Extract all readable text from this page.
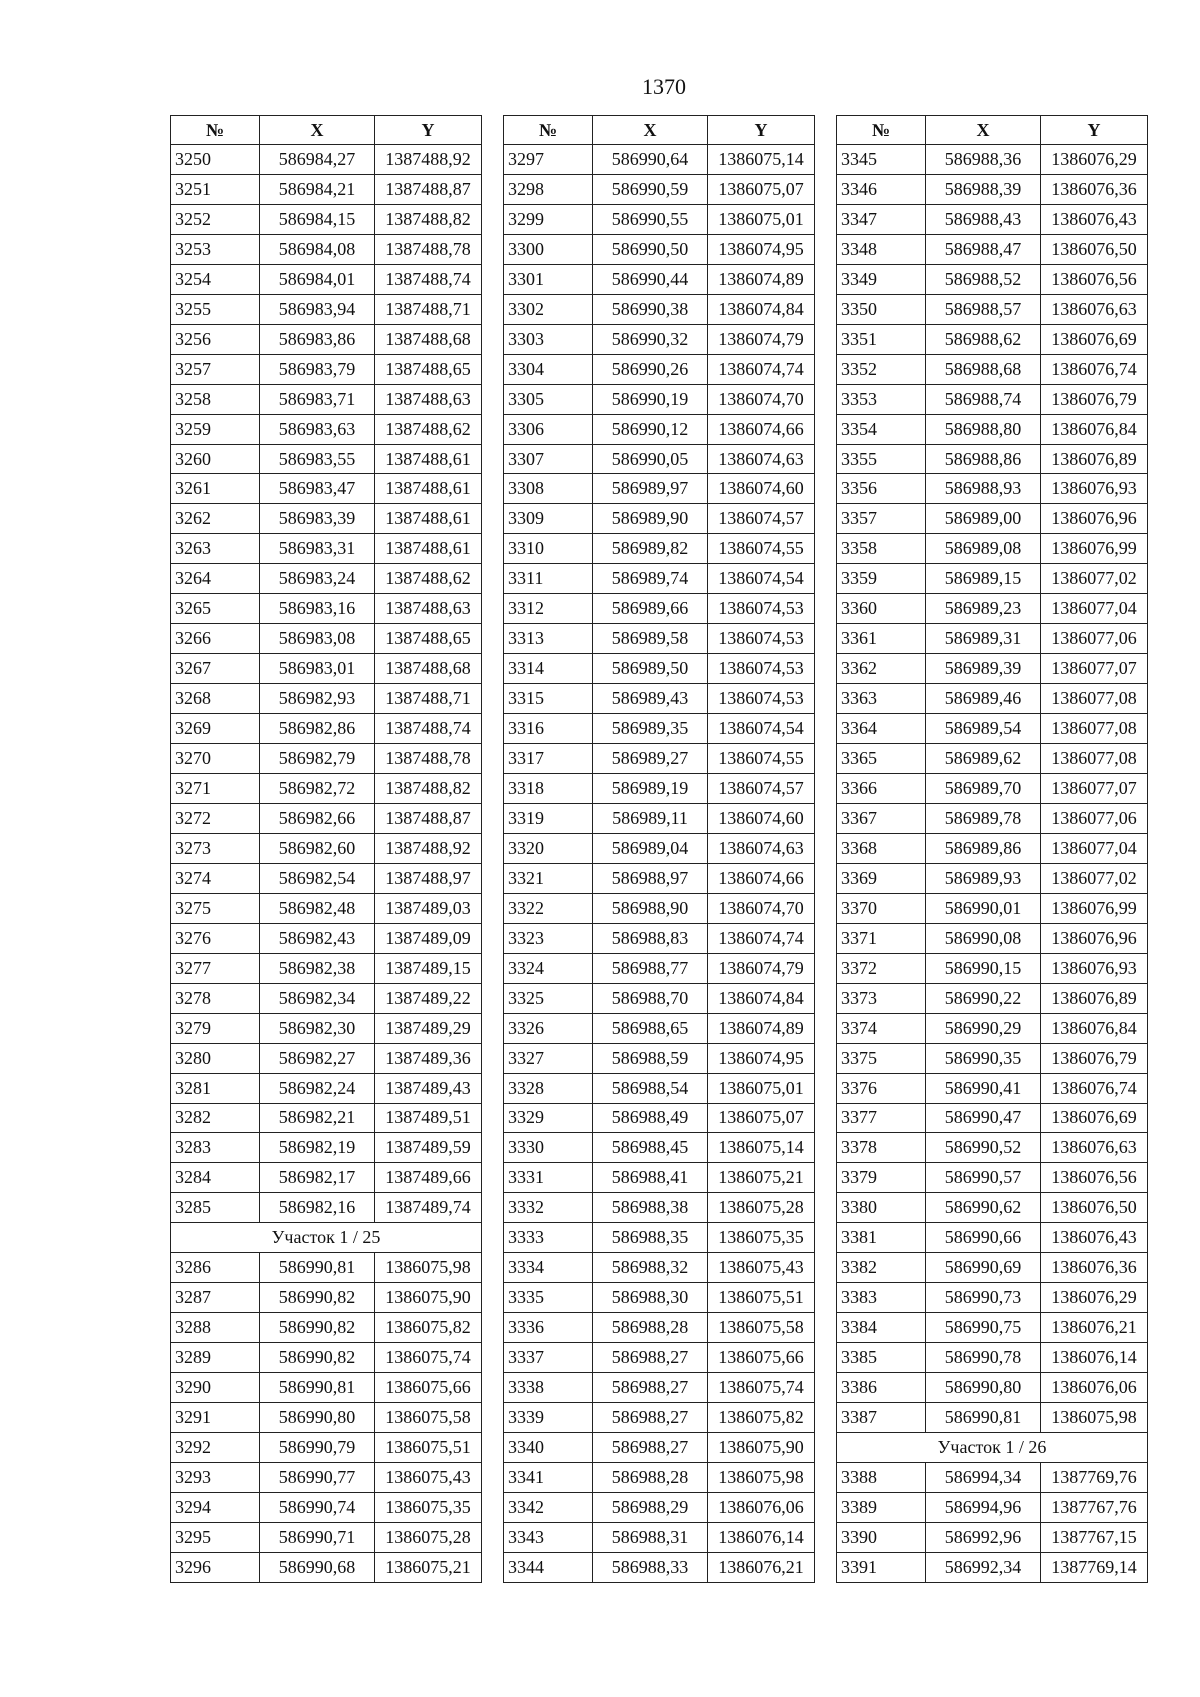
1370
№	X	Y
3250	586984,27	1387488,92
3251	586984,21	1387488,87
3252	586984,15	1387488,82
3253	586984,08	1387488,78
3254	586984,01	1387488,74
3255	586983,94	1387488,71
3256	586983,86	1387488,68
3257	586983,79	1387488,65
3258	586983,71	1387488,63
3259	586983,63	1387488,62
3260	586983,55	1387488,61
3261	586983,47	1387488,61
3262	586983,39	1387488,61
3263	586983,31	1387488,61
3264	586983,24	1387488,62
3265	586983,16	1387488,63
3266	586983,08	1387488,65
3267	586983,01	1387488,68
3268	586982,93	1387488,71
3269	586982,86	1387488,74
3270	586982,79	1387488,78
3271	586982,72	1387488,82
3272	586982,66	1387488,87
3273	586982,60	1387488,92
3274	586982,54	1387488,97
3275	586982,48	1387489,03
3276	586982,43	1387489,09
3277	586982,38	1387489,15
3278	586982,34	1387489,22
3279	586982,30	1387489,29
3280	586982,27	1387489,36
3281	586982,24	1387489,43
3282	586982,21	1387489,51
3283	586982,19	1387489,59
3284	586982,17	1387489,66
3285	586982,16	1387489,74
Участок 1 / 25		
3286	586990,81	1386075,98
3287	586990,82	1386075,90
3288	586990,82	1386075,82
3289	586990,82	1386075,74
3290	586990,81	1386075,66
3291	586990,80	1386075,58
3292	586990,79	1386075,51
3293	586990,77	1386075,43
3294	586990,74	1386075,35
3295	586990,71	1386075,28
3296	586990,68	1386075,21
№	X	Y
3297	586990,64	1386075,14
3298	586990,59	1386075,07
3299	586990,55	1386075,01
3300	586990,50	1386074,95
3301	586990,44	1386074,89
3302	586990,38	1386074,84
3303	586990,32	1386074,79
3304	586990,26	1386074,74
3305	586990,19	1386074,70
3306	586990,12	1386074,66
3307	586990,05	1386074,63
3308	586989,97	1386074,60
3309	586989,90	1386074,57
3310	586989,82	1386074,55
3311	586989,74	1386074,54
3312	586989,66	1386074,53
3313	586989,58	1386074,53
3314	586989,50	1386074,53
3315	586989,43	1386074,53
3316	586989,35	1386074,54
3317	586989,27	1386074,55
3318	586989,19	1386074,57
3319	586989,11	1386074,60
3320	586989,04	1386074,63
3321	586988,97	1386074,66
3322	586988,90	1386074,70
3323	586988,83	1386074,74
3324	586988,77	1386074,79
3325	586988,70	1386074,84
3326	586988,65	1386074,89
3327	586988,59	1386074,95
3328	586988,54	1386075,01
3329	586988,49	1386075,07
3330	586988,45	1386075,14
3331	586988,41	1386075,21
3332	586988,38	1386075,28
3333	586988,35	1386075,35
3334	586988,32	1386075,43
3335	586988,30	1386075,51
3336	586988,28	1386075,58
3337	586988,27	1386075,66
3338	586988,27	1386075,74
3339	586988,27	1386075,82
3340	586988,27	1386075,90
3341	586988,28	1386075,98
3342	586988,29	1386076,06
3343	586988,31	1386076,14
3344	586988,33	1386076,21
№	X	Y
3345	586988,36	1386076,29
3346	586988,39	1386076,36
3347	586988,43	1386076,43
3348	586988,47	1386076,50
3349	586988,52	1386076,56
3350	586988,57	1386076,63
3351	586988,62	1386076,69
3352	586988,68	1386076,74
3353	586988,74	1386076,79
3354	586988,80	1386076,84
3355	586988,86	1386076,89
3356	586988,93	1386076,93
3357	586989,00	1386076,96
3358	586989,08	1386076,99
3359	586989,15	1386077,02
3360	586989,23	1386077,04
3361	586989,31	1386077,06
3362	586989,39	1386077,07
3363	586989,46	1386077,08
3364	586989,54	1386077,08
3365	586989,62	1386077,08
3366	586989,70	1386077,07
3367	586989,78	1386077,06
3368	586989,86	1386077,04
3369	586989,93	1386077,02
3370	586990,01	1386076,99
3371	586990,08	1386076,96
3372	586990,15	1386076,93
3373	586990,22	1386076,89
3374	586990,29	1386076,84
3375	586990,35	1386076,79
3376	586990,41	1386076,74
3377	586990,47	1386076,69
3378	586990,52	1386076,63
3379	586990,57	1386076,56
3380	586990,62	1386076,50
3381	586990,66	1386076,43
3382	586990,69	1386076,36
3383	586990,73	1386076,29
3384	586990,75	1386076,21
3385	586990,78	1386076,14
3386	586990,80	1386076,06
3387	586990,81	1386075,98
Участок 1 / 26		
3388	586994,34	1387769,76
3389	586994,96	1387767,76
3390	586992,96	1387767,15
3391	586992,34	1387769,14
